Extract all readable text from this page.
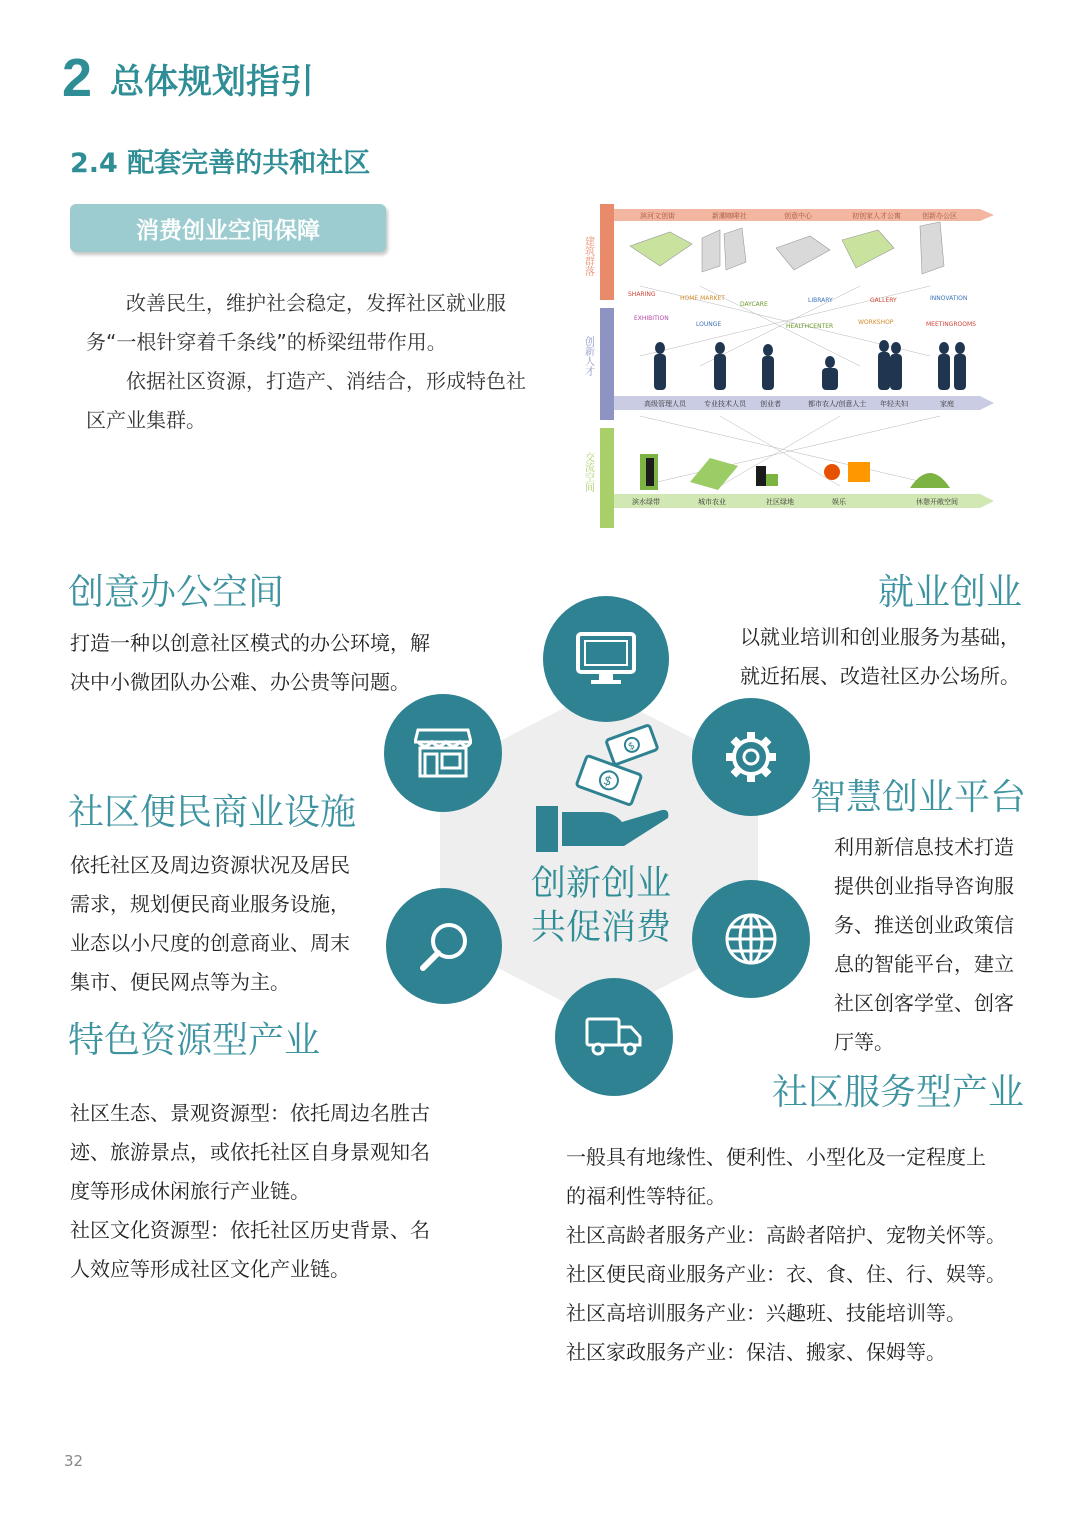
2 总体规划指引
2.4 配套完善的共和社区
消费创业空间保障

改善民生，维护社会稳定，发挥社区就业服务“一根针穿着千条线”的桥梁纽带作用。

依据社区资源，打造产、消结合，形成特色社区产业集群。

建筑群落
创新人才
交流空间
滨河文创街	新潮咖啡社	创意中心	初创家人才公寓	创新办公区
SHARING
HOME MARKET
DAYCARE
LIBRARY	GALLERY	INNOVATION
EXHIBITION
LOUNGE	HEALTHCENTER
WORKSHOP	MEETINGROOMS
高级管理人员	专业技术人员 创业者	都市农人/创意人士 年轻夫妇	家庭
滨水绿带	城市农业	社区绿地	娱乐	休憩开敞空间
$
$
创新创业
共促消费
创意办公空间

打造一种以创意社区模式的办公环境，解

决中小微团队办公难、办公贵等问题。

就业创业

以就业培训和创业服务为基础，

就近拓展、改造社区办公场所。

智慧创业平台

利用新信息技术打造

提供创业指导咨询服

务、推送创业政策信

息的智能平台，建立

社区创客学堂、创客

厅等。

社区便民商业设施

依托社区及周边资源状况及居民

需求，规划便民商业服务设施，

业态以小尺度的创意商业、周末

集市、便民网点等为主。

特色资源型产业

社区生态、景观资源型：依托周边名胜古

迹、旅游景点，或依托社区自身景观知名

度等形成休闲旅行产业链。

社区文化资源型：依托社区历史背景、名

人效应等形成社区文化产业链。

社区服务型产业

一般具有地缘性、便利性、小型化及一定程度上

的福利性等特征。

社区高龄者服务产业：高龄者陪护、宠物关怀等。

社区便民商业服务产业：衣、食、住、行、娱等。

社区高培训服务产业：兴趣班、技能培训等。

社区家政服务产业：保洁、搬家、保姆等。

32
